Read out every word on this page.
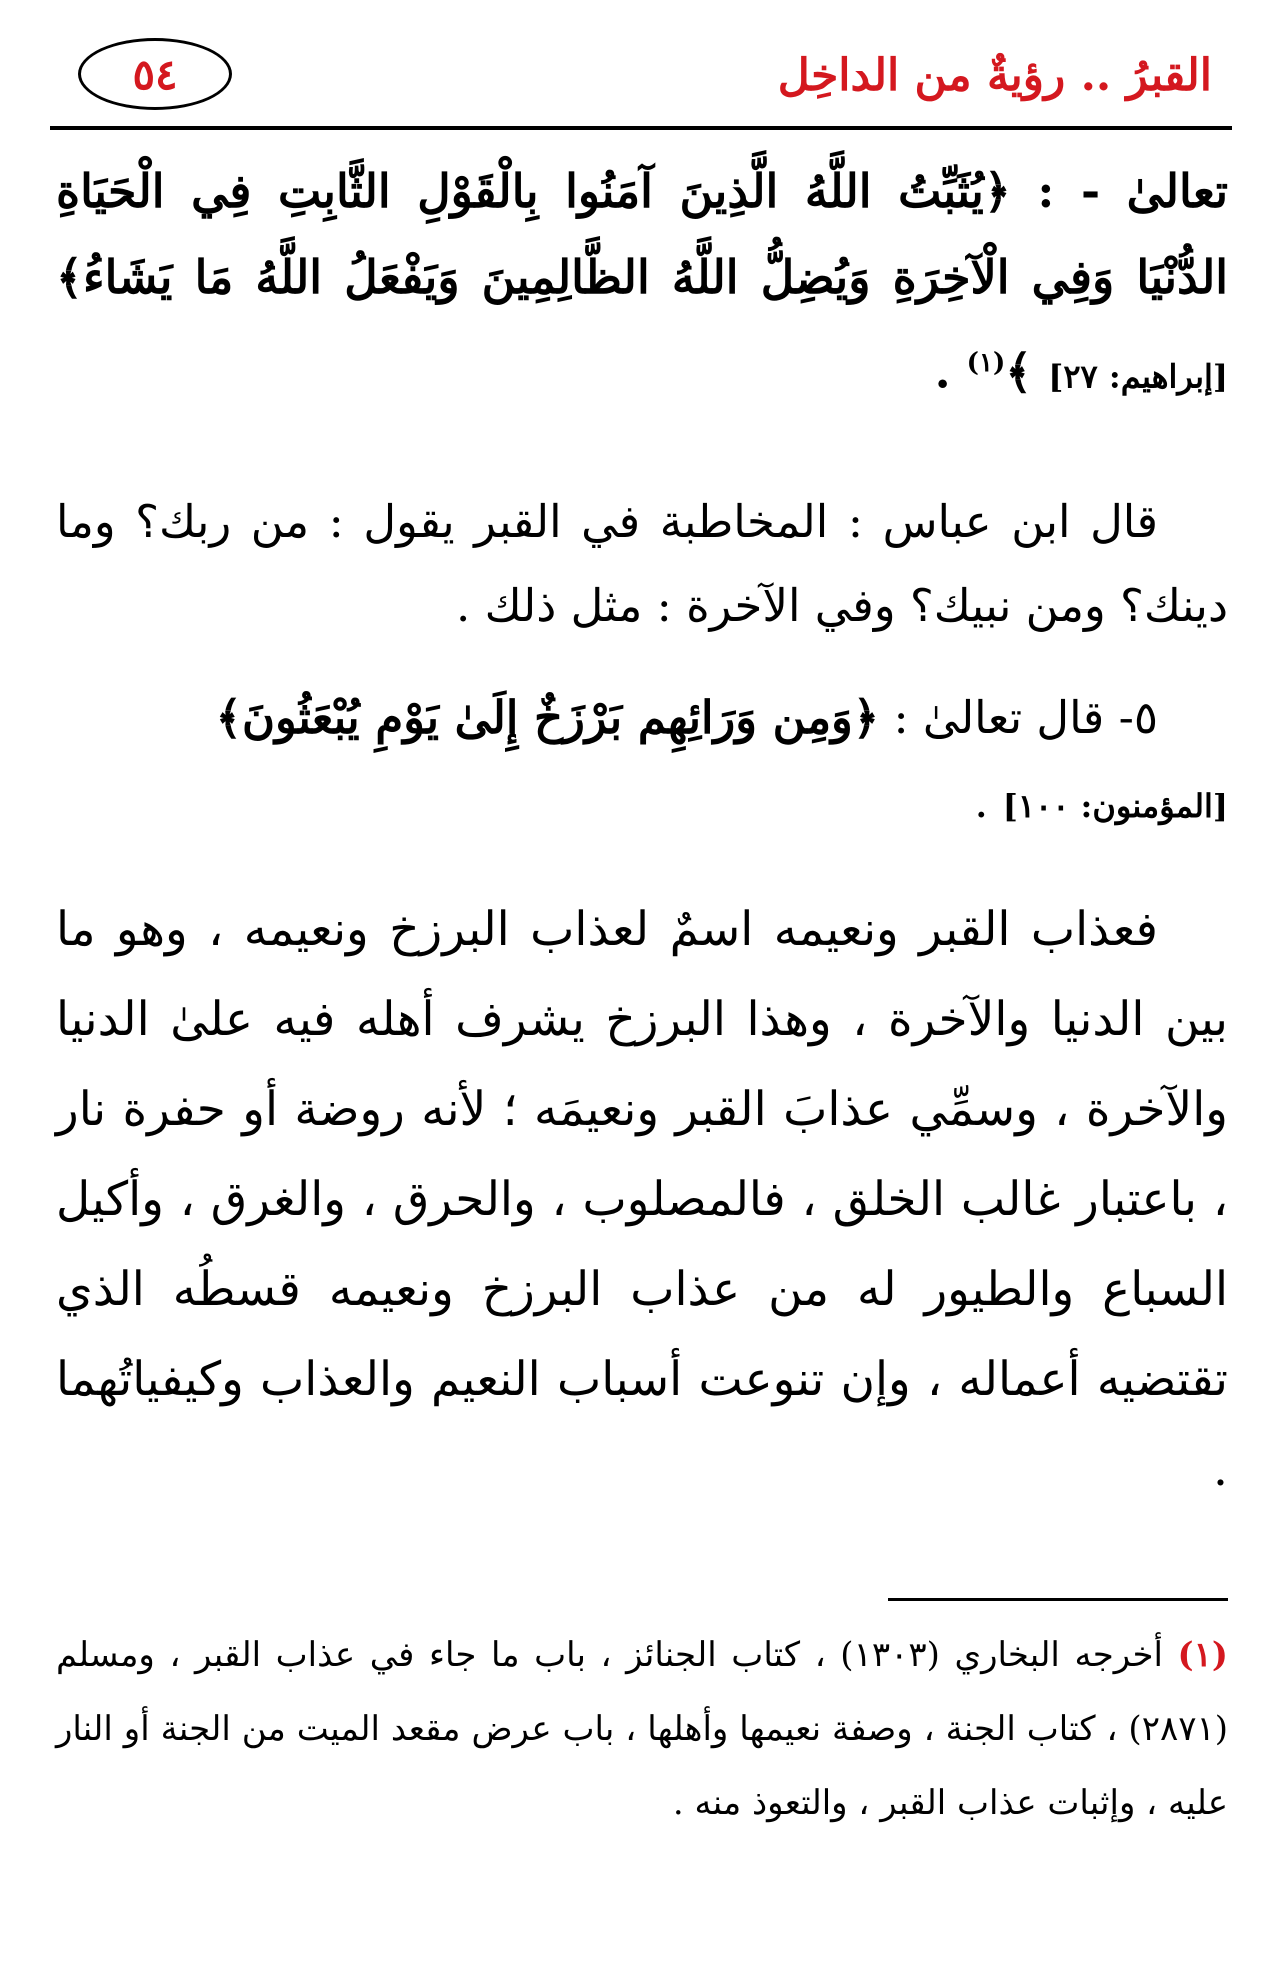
القبرُ .. رؤيةٌ من الداخِل
٥٤
تعالىٰ - : ﴿يُثَبِّتُ اللَّهُ الَّذِينَ آمَنُوا بِالْقَوْلِ الثَّابِتِ فِي الْحَيَاةِ الدُّنْيَا وَفِي الْآخِرَةِ وَيُضِلُّ اللَّهُ الظَّالِمِينَ وَيَفْعَلُ اللَّهُ مَا يَشَاءُ﴾ [إبراهيم: ٢٧] ﴾$^{(١)}$ .
قال ابن عباس : المخاطبة في القبر يقول : من ربك؟ وما دينك؟ ومن نبيك؟ وفي الآخرة : مثل ذلك .
٥- قال تعالىٰ : ﴿وَمِن وَرَائِهِم بَرْزَخٌ إِلَىٰ يَوْمِ يُبْعَثُونَ﴾
[المؤمنون: ١٠٠] .
فعذاب القبر ونعيمه اسمٌ لعذاب البرزخ ونعيمه ، وهو ما بين الدنيا والآخرة ، وهذا البرزخ يشرف أهله فيه علىٰ الدنيا والآخرة ، وسمِّي عذابَ القبر ونعيمَه ؛ لأنه روضة أو حفرة نار ، باعتبار غالب الخلق ، فالمصلوب ، والحرق ، والغرق ، وأكيل السباع والطيور له من عذاب البرزخ ونعيمه قسطُه الذي تقتضيه أعماله ، وإن تنوعت أسباب النعيم والعذاب وكيفياتُهما .
(١) أخرجه البخاري (١٣٠٣) ، كتاب الجنائز ، باب ما جاء في عذاب القبر ، ومسلم (٢٨٧١) ، كتاب الجنة ، وصفة نعيمها وأهلها ، باب عرض مقعد الميت من الجنة أو النار عليه ، وإثبات عذاب القبر ، والتعوذ منه .
